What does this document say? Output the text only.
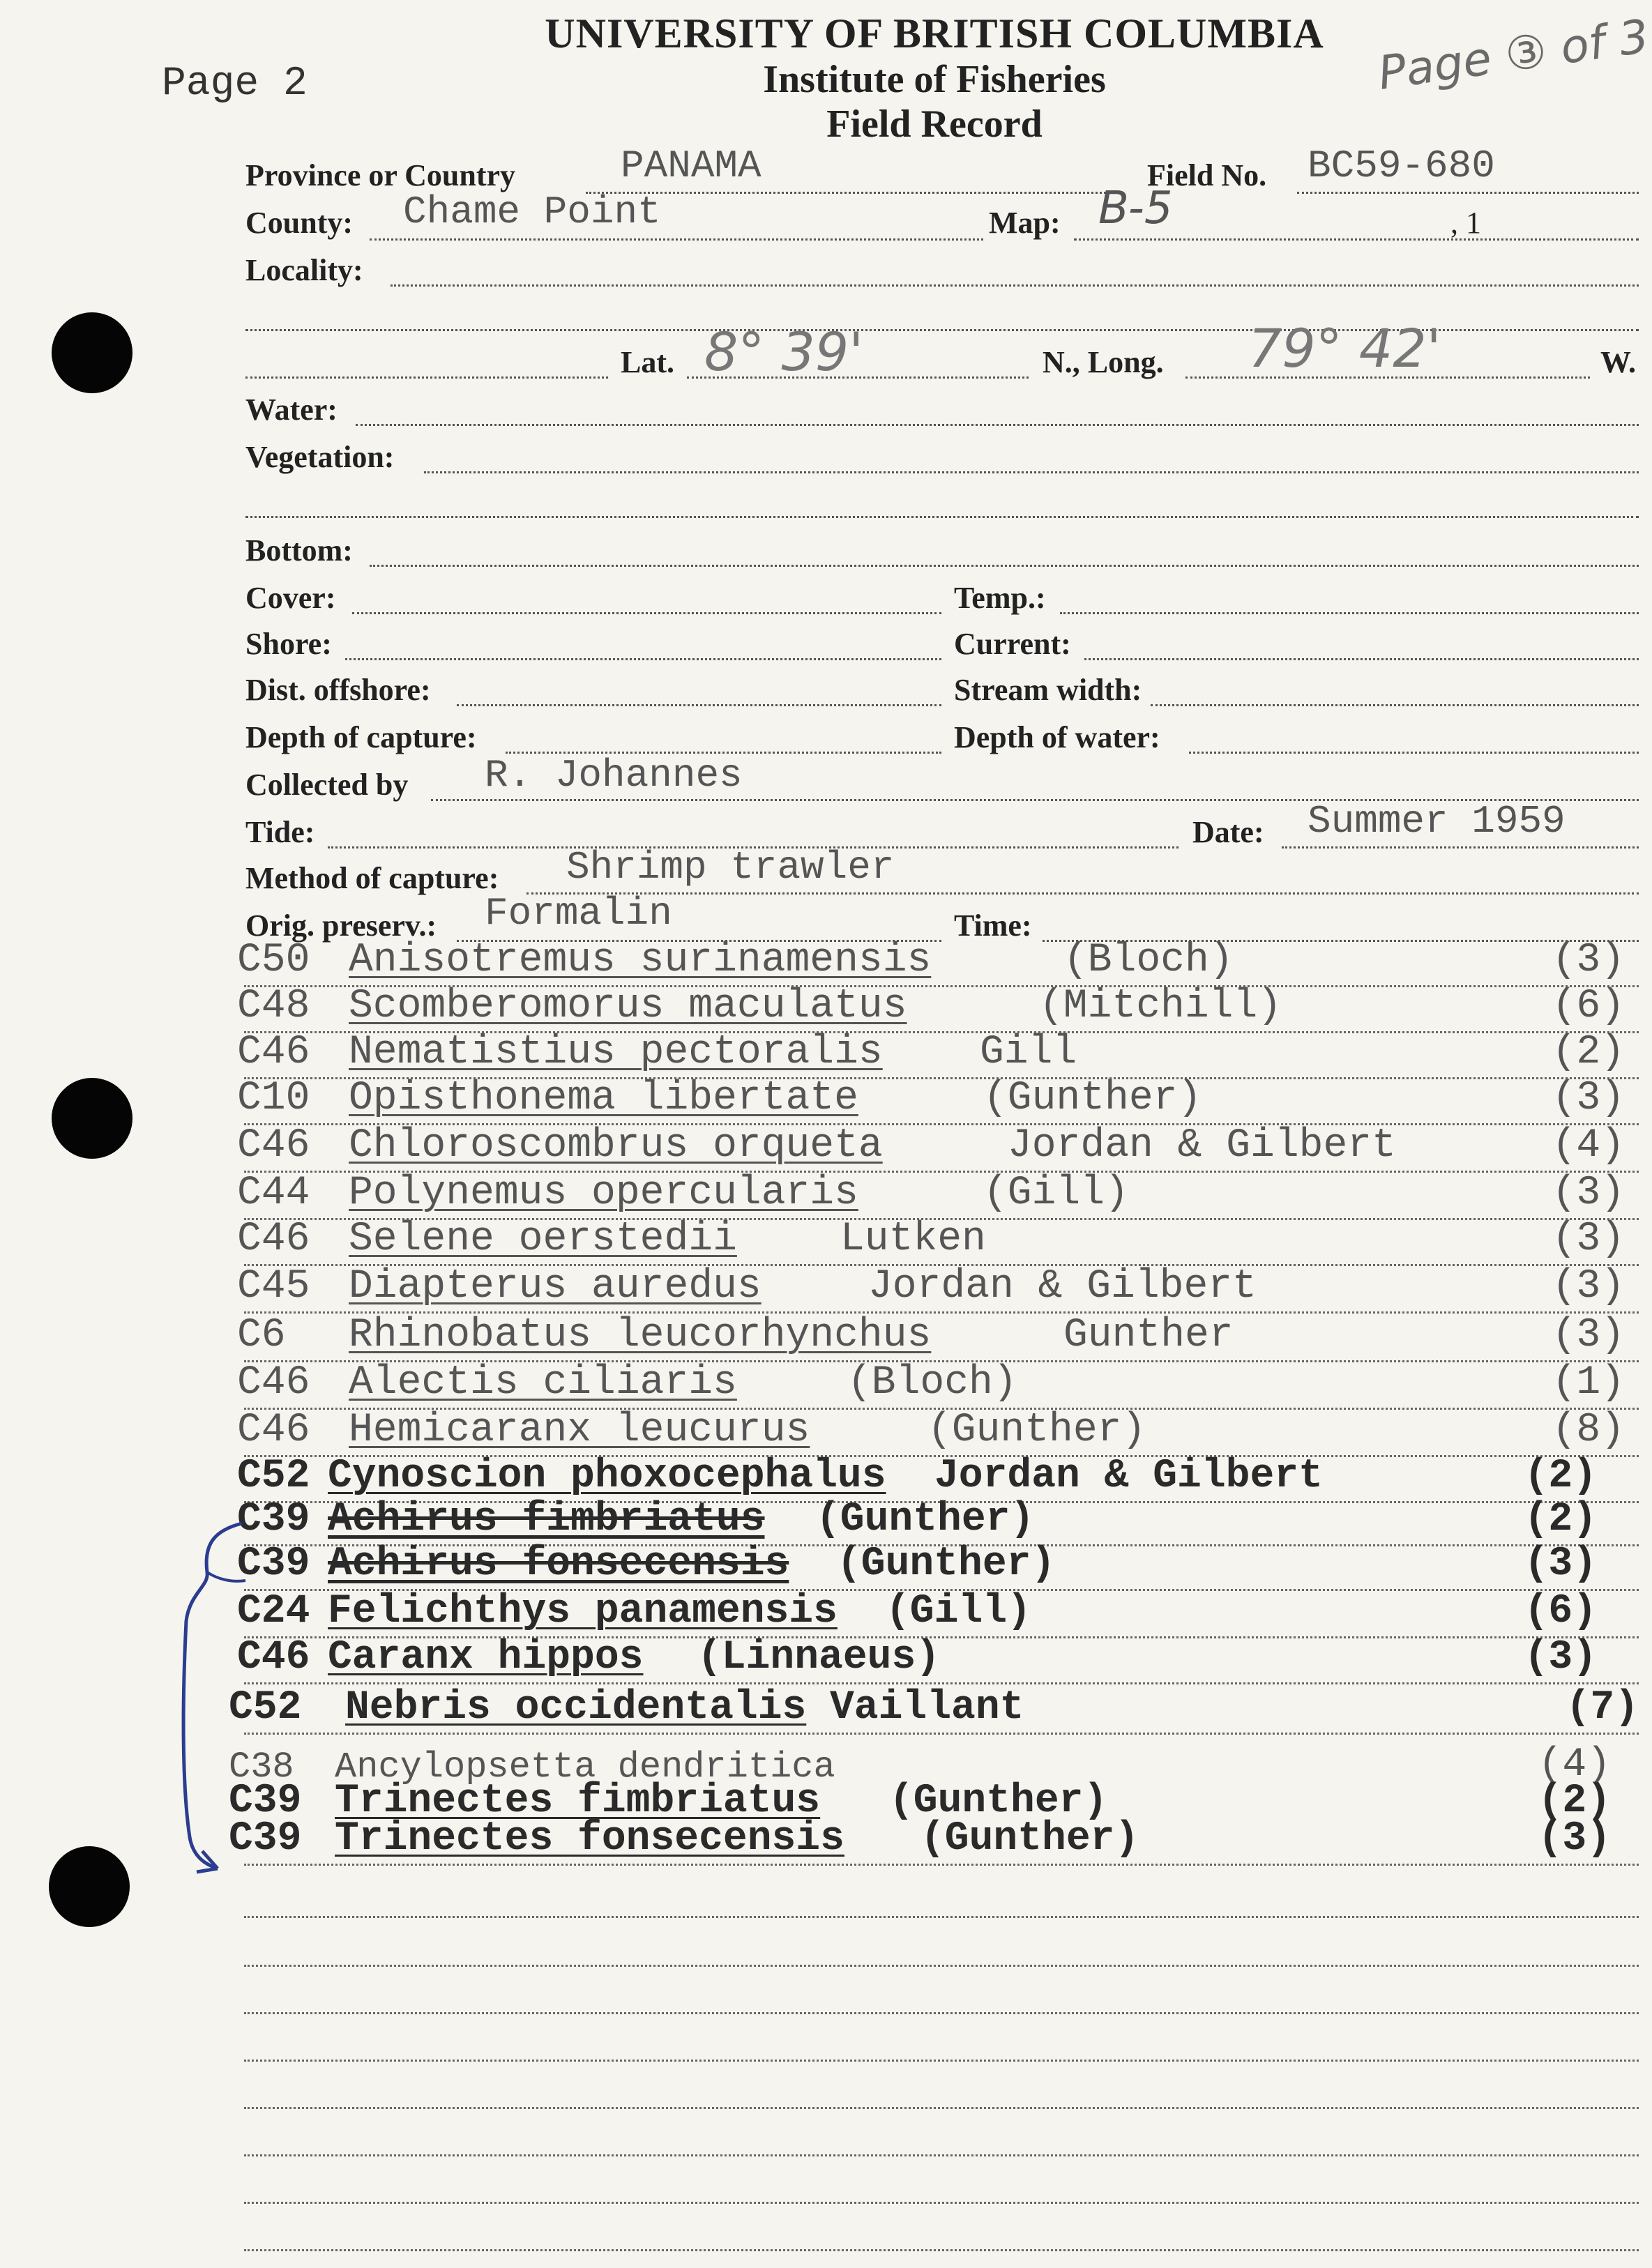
Page 2
UNIVERSITY OF BRITISH COLUMBIA
Institute of Fisheries
Field Record
Page ③ of 3
Province or Country	PANAMA	Field No. BC59-680
County: Chame Point	Map: B-5	, 1
Locality:
Lat. 8° 39'	N., Long. 79° 42'	W.
Water:
Vegetation:
Bottom:
Cover:	Temp.:
Shore:	Current:
Dist. offshore:	Stream width:
Depth of capture:	Depth of water:
Collected by R. Johannes
Tide:	Date: Summer 1959
Method of capture: Shrimp trawler
Orig. preserv.: Formalin	Time:
C50 Anisotremus surinamensis	(Bloch)	(3)
C48 Scomberomorus maculatus	(Mitchill)	(6)
C46 Nematistius pectoralis Gill	(2)
C10 Opisthonema libertate	(Gunther)	(3)
C46 Chloroscombrus orqueta	Jordan & Gilbert	(4)
C44 Polynemus opercularis	(Gill)	(3)
C46 Selene oerstedii	Lutken	(3)
C45 Diapterus auredus	Jordan & Gilbert	(3)
C6 Rhinobatus leucorhynchus	Gunther	(3)
C46 Alectis ciliaris	(Bloch)	(1)
C46 Hemicaranx leucurus	(Gunther)	(8)
C52 Cynoscion phoxocephalus Jordan & Gilbert	(2)
C39 Achirus fimbriatus (Gunther)	(2)
C39 Achirus fonsecensis (Gunther)	(3)
C24 Felichthys panamensis (Gill)	(6)
C46 Caranx hippos (Linnaeus)	(3)
C52 Nebris occidentalis Vaillant	(7)
C38 Ancylopsetta dendritica	(4)
C39 Trinectes fimbriatus (Gunther)	(2)
C39 Trinectes fonsecensis (Gunther)	(3)
